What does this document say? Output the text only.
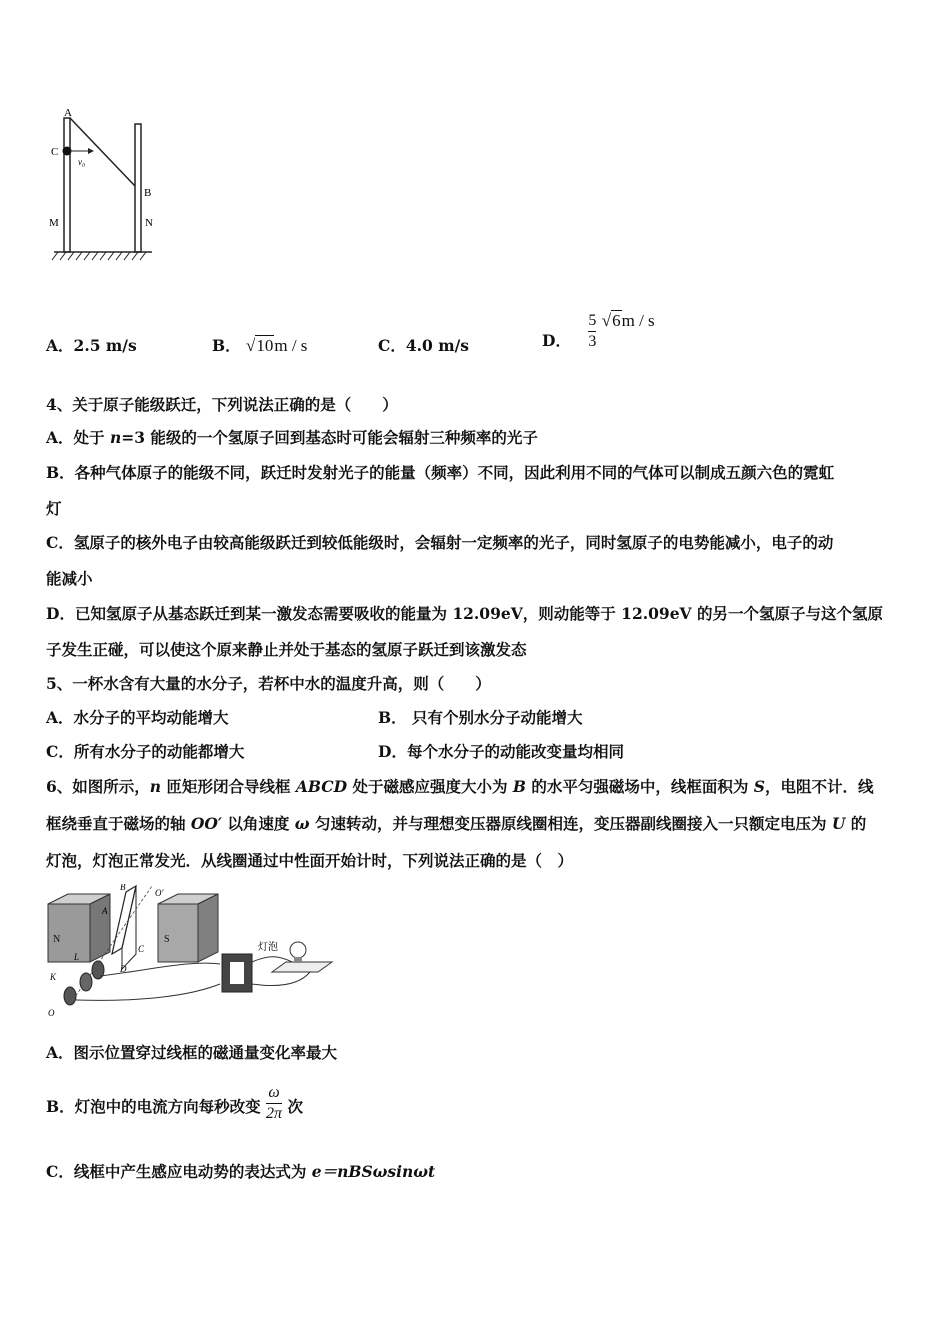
A
C
v₀
B
M	N
A．2.5 m/s	B． √10m / s	C．4.0 m/s	D． $\frac{5}{3} √6m$ / s
4、关于原子能级跃迁，下列说法正确的是（　　）
A．处于 n=3 能级的一个氢原子回到基态时可能会辐射三种频率的光子
B．各种气体原子的能级不同，跃迁时发射光子的能量（频率）不同，因此利用不同的气体可以制成五颜六色的霓虹
灯
C．氢原子的核外电子由较高能级跃迁到较低能级时，会辐射一定频率的光子，同时氢原子的电势能减小，电子的动
能减小
D．已知氢原子从基态跃迁到某一激发态需要吸收的能量为 12.09eV，则动能等于 12.09eV 的另一个氢原子与这个氢原
子发生正碰，可以使这个原来静止并处于基态的氢原子跃迁到该激发态
5、一杯水含有大量的水分子，若杯中水的温度升高，则（　　）
A．水分子的平均动能增大	B． 只有个别水分子动能增大
C．所有水分子的动能都增大	D．每个水分子的动能改变量均相同
6、如图所示，n 匝矩形闭合导线框 ABCD 处于磁感应强度大小为 B 的水平匀强磁场中，线框面积为 S，电阻不计．线
框绕垂直于磁场的轴 OO′ 以角速度 ω 匀速转动，并与理想变压器原线圈相连，变压器副线圈接入一只额定电压为 U 的
灯泡，灯泡正常发光．从线圈通过中性面开始计时，下列说法正确的是（　）
N	S
A
B
C
D
O′
L
K
O
灯泡
A．图示位置穿过线框的磁通量变化率最大
B．灯泡中的电流方向每秒改变 $\frac{\omega}{2\pi}$ 次
C．线框中产生感应电动势的表达式为 e＝nBSωsinωt
